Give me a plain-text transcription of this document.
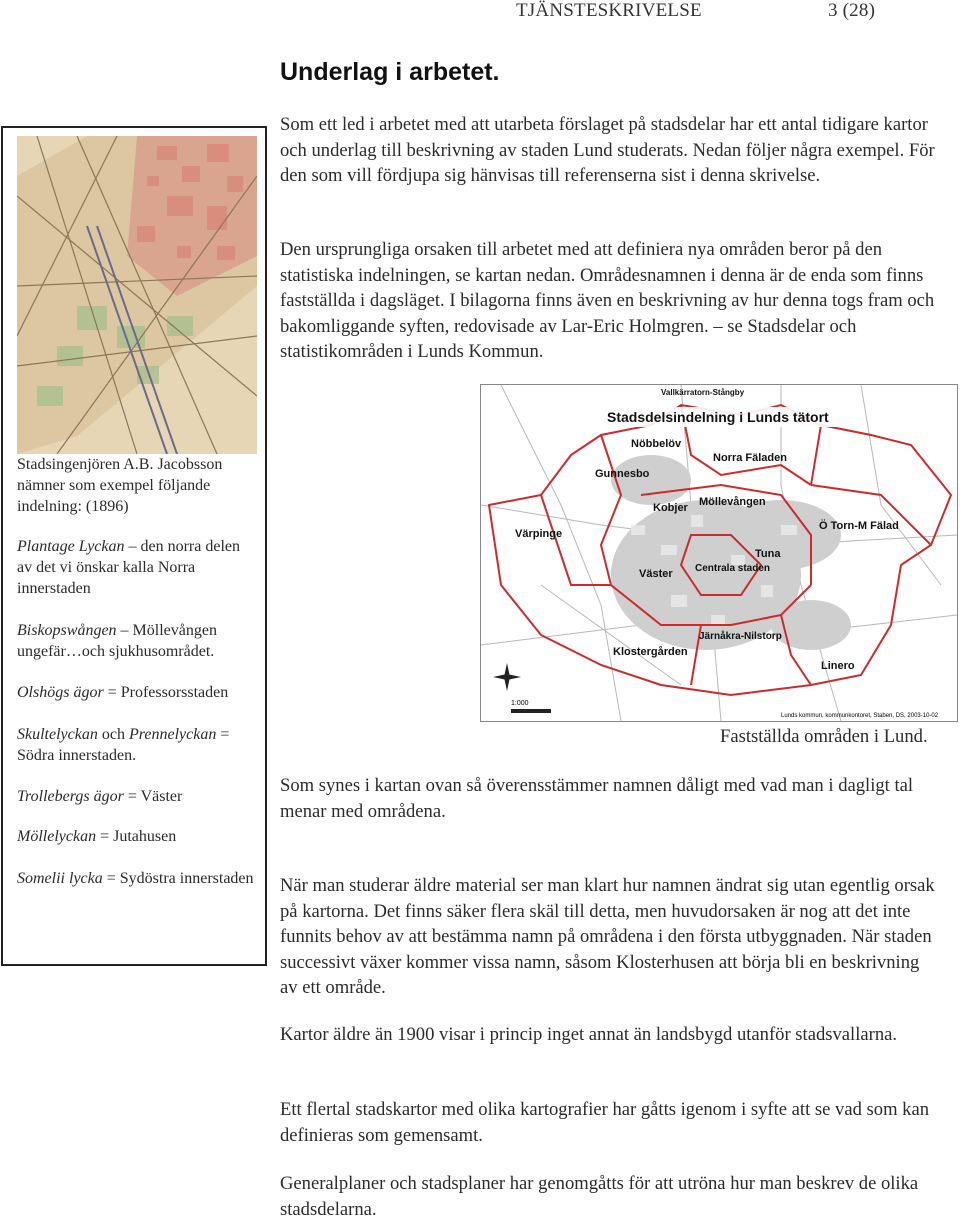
TJÄNSTESKRIVELSE	3 (28)
Underlag i arbetet.

Som ett led i arbetet med att utarbeta förslaget på stadsdelar har ett antal tidigare kartor och underlag till beskrivning av staden Lund studerats. Nedan följer några exempel. För den som vill fördjupa sig hänvisas till referenserna sist i denna skrivelse.

Den ursprungliga orsaken till arbetet med att definiera nya områden beror på den statistiska indelningen, se kartan nedan. Områdesnamnen i denna är de enda som finns fastställda i dagsläget. I bilagorna finns även en beskrivning av hur denna togs fram och bakomliggande syften, redovisade av Lar-Eric Holmgren. – se Stadsdelar och statistikområden i Lunds Kommun.

Stadsingenjören A.B. Jacobsson nämner som exempel följande indelning: (1896)
Plantage Lyckan – den norra delen av det vi önskar kalla Norra innerstaden
Biskopswången – Möllevången ungefär…och sjukhusområdet.
Olshögs ägor = Professorsstaden
Skultelyckan och Prennelyckan = Södra innerstaden.
Trollebergs ägor = Väster
Möllelyckan = Jutahusen
Somelii lycka = Sydöstra innerstaden
Stadsdelsindelning i Lunds tätort
Vallkärratorn-Stångby
Nöbbelöv
Norra Fäladen
Gunnesbo
Kobjer Möllevången
Ö Torn-M Fälad
Värpinge
Tuna
Väster Centrala staden
Järnåkra-Nilstorp
Klostergården
Linero
1:000
Lunds kommun, kommunkontoret, Staben, DS, 2003-10-02
Fastställda områden i Lund.

Som synes i kartan ovan så överensstämmer namnen dåligt med vad man i dagligt tal menar med områdena.

När man studerar äldre material ser man klart hur namnen ändrat sig utan egentlig orsak på kartorna. Det finns säker flera skäl till detta, men huvudorsaken är nog att det inte funnits behov av att bestämma namn på områdena i den första utbyggnaden. När staden successivt växer kommer vissa namn, såsom Klosterhusen att börja bli en beskrivning av ett område.

Kartor äldre än 1900 visar i princip inget annat än landsbygd utanför stadsvallarna.

Ett flertal stadskartor med olika kartografier har gåtts igenom i syfte att se vad som kan definieras som gemensamt.

Generalplaner och stadsplaner har genomgåtts för att utröna hur man beskrev de olika stadsdelarna.
